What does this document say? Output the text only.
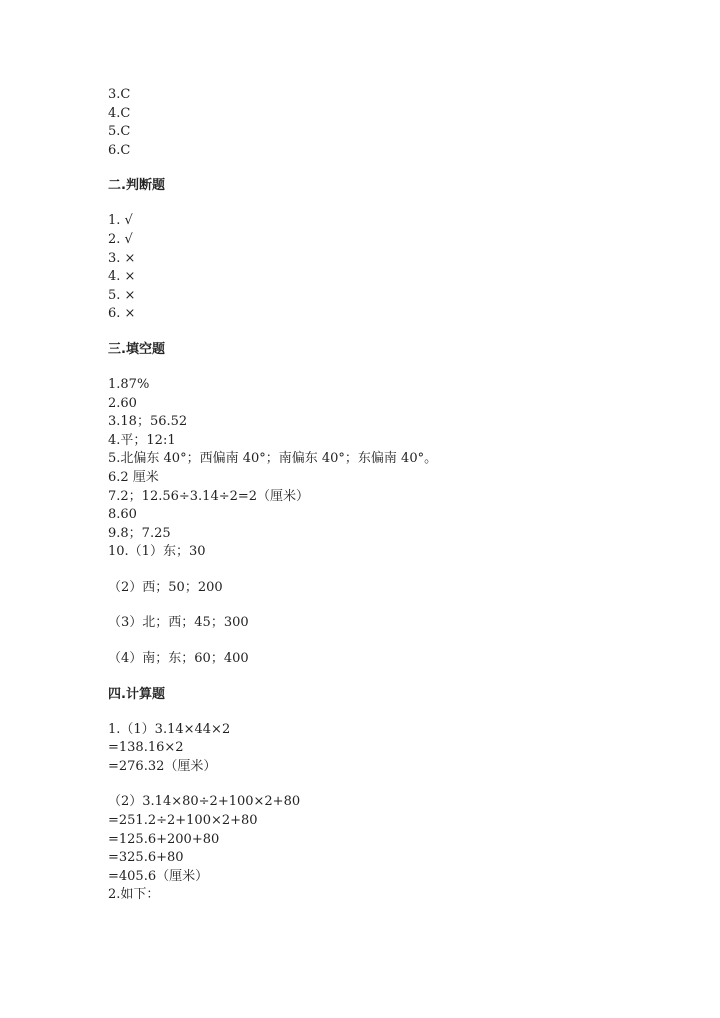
3.C
4.C
5.C
6.C
二.判断题
1. √
2. √
3. ×
4. ×
5. ×
6. ×
三.填空题
1.87%
2.60
3.18；56.52
4.平；12:1
5.北偏东 40°；西偏南 40°；南偏东 40°；东偏南 40°。
6.2 厘米
7.2；12.56÷3.14÷2=2（厘米）
8.60
9.8；7.25
10.（1）东；30
（2）西；50；200
（3）北；西；45；300
（4）南；东；60；400
四.计算题
1.（1）3.14×44×2
=138.16×2
=276.32（厘米）
（2）3.14×80÷2+100×2+80
=251.2÷2+100×2+80
=125.6+200+80
=325.6+80
=405.6（厘米）
2.如下：
